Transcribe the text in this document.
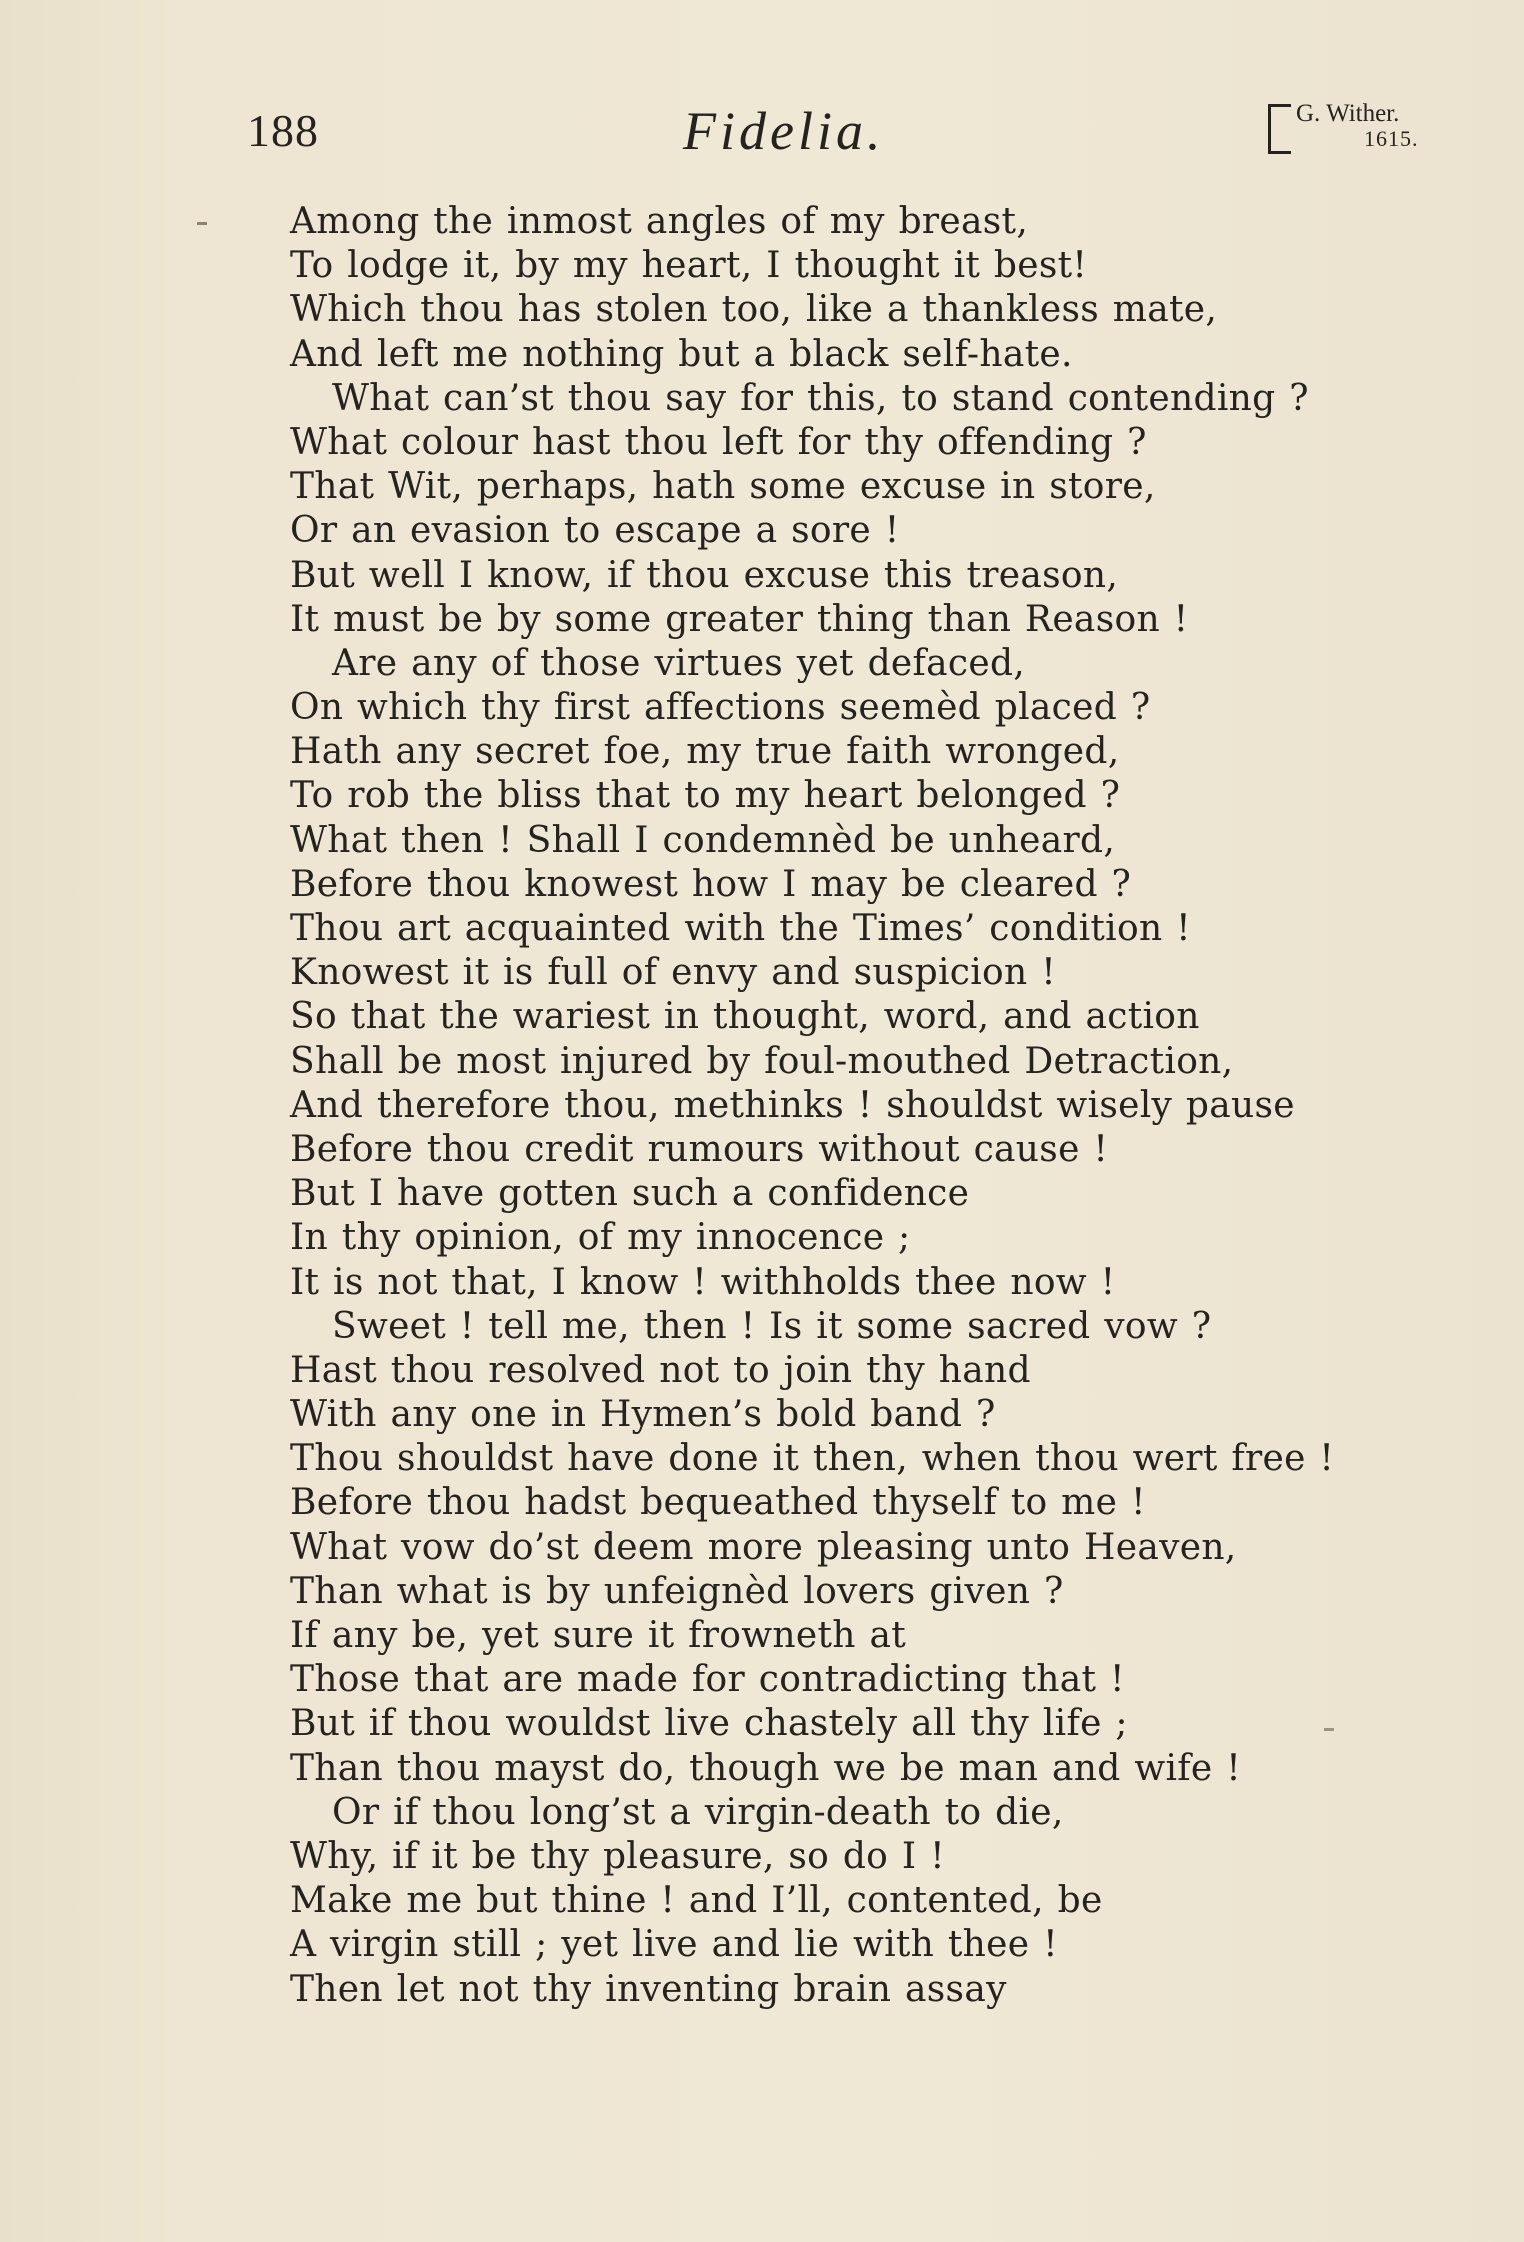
188	Fidelia.	G. Wither.
1615.
Among the inmost angles of my breast,
To lodge it, by my heart, I thought it best!
Which thou has stolen too, like a thankless mate,
And left me nothing but a black self-hate.
What can’st thou say for this, to stand contending ?
What colour hast thou left for thy offending ?
That Wit, perhaps, hath some excuse in store,
Or an evasion to escape a sore !
But well I know, if thou excuse this treason,
It must be by some greater thing than Reason !
Are any of those virtues yet defaced,
On which thy first affections seemèd placed ?
Hath any secret foe, my true faith wronged,
To rob the bliss that to my heart belonged ?
What then ! Shall I condemnèd be unheard,
Before thou knowest how I may be cleared ?
Thou art acquainted with the Times’ condition !
Knowest it is full of envy and suspicion !
So that the wariest in thought, word, and action
Shall be most injured by foul-mouthed Detraction,
And therefore thou, methinks ! shouldst wisely pause
Before thou credit rumours without cause !
But I have gotten such a confidence
In thy opinion, of my innocence ;
It is not that, I know ! withholds thee now !
Sweet ! tell me, then ! Is it some sacred vow ?
Hast thou resolved not to join thy hand
With any one in Hymen’s bold band ?
Thou shouldst have done it then, when thou wert free !
Before thou hadst bequeathed thyself to me !
What vow do’st deem more pleasing unto Heaven,
Than what is by unfeignèd lovers given ?
If any be, yet sure it frowneth at
Those that are made for contradicting that !
But if thou wouldst live chastely all thy life ;
Than thou mayst do, though we be man and wife !
Or if thou long’st a virgin-death to die,
Why, if it be thy pleasure, so do I !
Make me but thine ! and I’ll, contented, be
A virgin still ; yet live and lie with thee !
Then let not thy inventing brain assay
